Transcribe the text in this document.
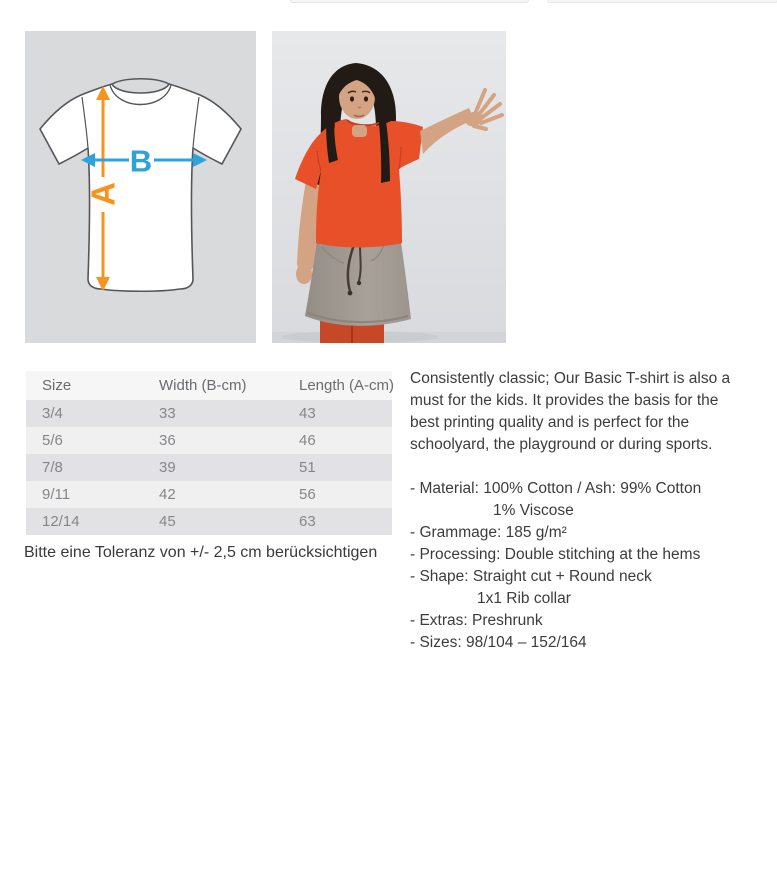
A
B
Size	Width (B-cm)	Length (A-cm)
3/4	33	43
5/6	36	46
7/8	39	51
9/11	42	56
12/14	45	63
Bitte eine Toleranz von +/- 2,5 cm berücksichtigen
Consistently classic; Our Basic T-shirt is also a
must for the kids. It provides the basis for the
best printing quality and is perfect for the
schoolyard, the playground or during sports.
- Material: 100% Cotton / Ash: 99% Cotton
1% Viscose
- Grammage: 185 g/m²
- Processing: Double stitching at the hems
- Shape: Straight cut + Round neck
1x1 Rib collar
- Extras: Preshrunk
- Sizes: 98/104 – 152/164
